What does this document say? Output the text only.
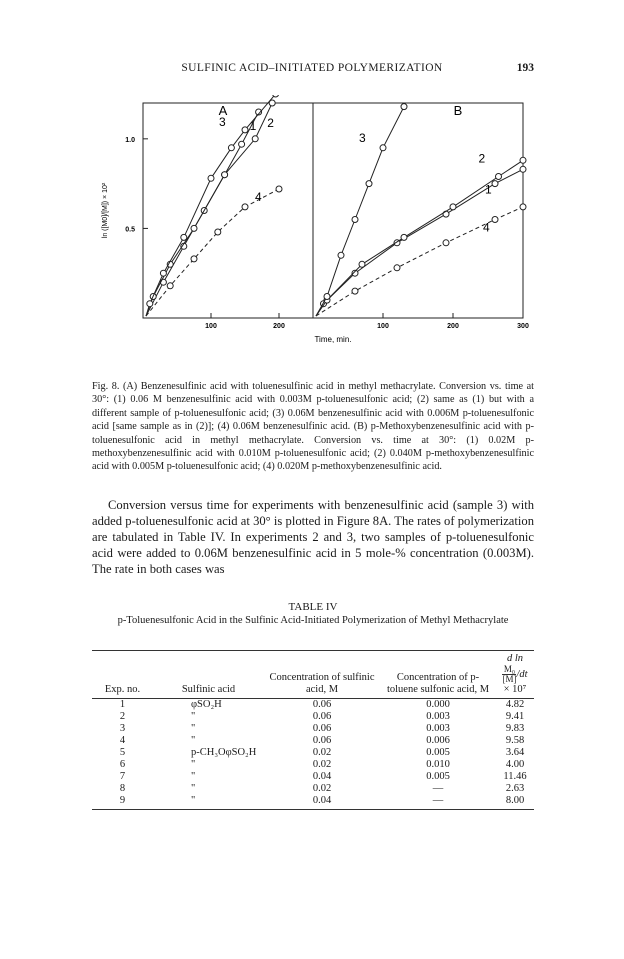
SULFINIC ACID–INITIATED POLYMERIZATION	193
A
100	200
0.5
1.0
1 2
3
4
B
100	200	300
1
2
3
4
ln ([M0]/[M]) × 10²
Time, min.
Fig. 8. (A) Benzenesulfinic acid with toluenesulfinic acid in methyl methacrylate. Conversion vs. time at 30°: (1) 0.06 M benzenesulfinic acid with 0.003M p-toluenesulfonic acid; (2) same as (1) but with a different sample of p-toluenesulfonic acid; (3) 0.06M benzenesulfinic acid with 0.006M p-toluenesulfonic acid [same sample as in (2)]; (4) 0.06M benzenesulfinic acid. (B) p-Methoxybenzenesulfinic acid with p-toluenesulfonic acid in methyl methacrylate. Conversion vs. time at 30°: (1) 0.02M p-methoxybenzenesulfinic acid with 0.010M p-toluenesulfonic acid; (2) 0.040M p-methoxybenzenesulfinic acid with 0.005M p-toluenesulfonic acid; (4) 0.020M p-methoxybenzenesulfinic acid.
Conversion versus time for experiments with benzenesulfinic acid (sample 3) with added p-toluenesulfonic acid at 30° is plotted in Figure 8A. The rates of polymerization are tabulated in Table IV. In experiments 2 and 3, two samples of p-toluenesulfonic acid were added to 0.06M benzenesulfinic acid in 5 mole-% concentration (0.003M). The rate in both cases was
TABLE IV
p-Toluenesulfonic Acid in the Sulfinic Acid-Initiated Polymerization of Methyl Methacrylate
Exp. no.	Sulfinic acid	Concentration of sulfinic acid, M	Concentration of p-toluene sulfonic acid, M	d ln
$\frac{\text{M₀}}{[M]} /dt$
× 10⁷
1	φSO₂H	0.06	0.000	4.82
2	"	0.06	0.003	9.41
3	"	0.06	0.003	9.83
4	"	0.06	0.006	9.58
5	p-CH₃OφSO₂H	0.02	0.005	3.64
6	"	0.02	0.010	4.00
7	"	0.04	0.005	11.46
8	"	0.02	—	2.63
9	"	0.04	—	8.00
